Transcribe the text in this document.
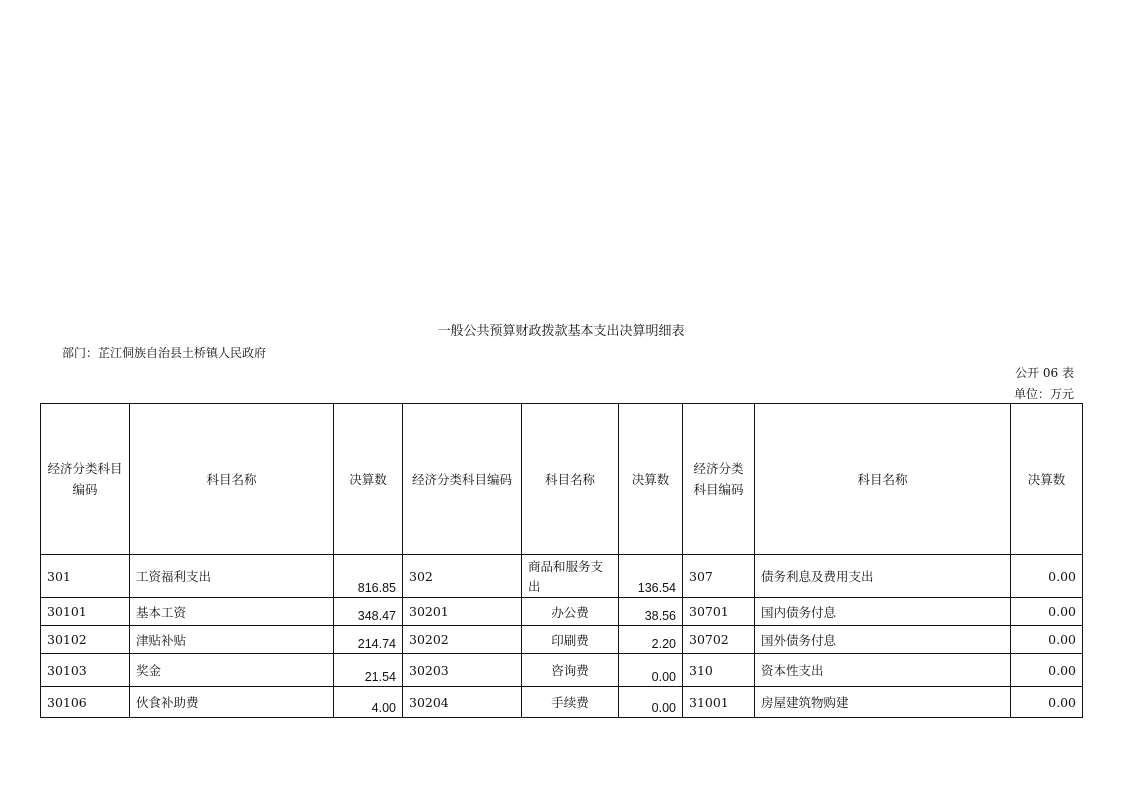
一般公共预算财政拨款基本支出决算明细表
部门：芷江侗族自治县土桥镇人民政府
公开 06 表
单位：万元
经济分类科目编码	科目名称	决算数	经济分类科目编码	科目名称	决算数	经济分类科目编码	科目名称	决算数
301	工资福利支出	816.85	302	商品和服务支出	136.54	307	债务利息及费用支出	0.00
30101	基本工资	348.47	30201	办公费	38.56	30701	国内债务付息	0.00
30102	津贴补贴	214.74	30202	印刷费	2.20	30702	国外债务付息	0.00
30103	奖金	21.54	30203	咨询费	0.00	310	资本性支出	0.00
30106	伙食补助费	4.00	30204	手续费	0.00	31001	房屋建筑物购建	0.00
